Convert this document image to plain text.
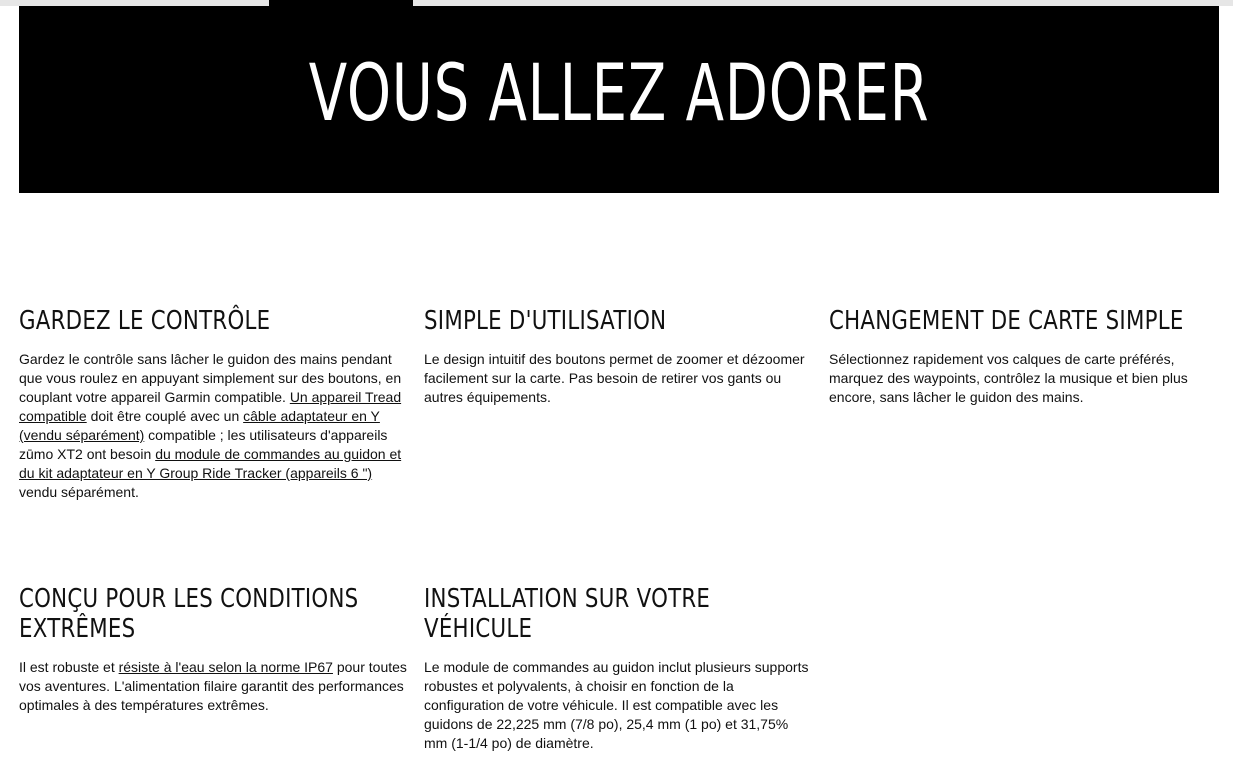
VOUS ALLEZ ADORER
GARDEZ LE CONTRÔLE

Gardez le contrôle sans lâcher le guidon des mains pendant que vous roulez en appuyant simplement sur des boutons, en couplant votre appareil Garmin compatible. Un appareil Tread compatible doit être couplé avec un câble adaptateur en Y (vendu séparément) compatible ; les utilisateurs d'appareils zūmo XT2 ont besoin du module de commandes au guidon et du kit adaptateur en Y Group Ride Tracker (appareils 6 ") vendu séparément.

SIMPLE D'UTILISATION

Le design intuitif des boutons permet de zoomer et dézoomer facilement sur la carte. Pas besoin de retirer vos gants ou autres équipements.

CHANGEMENT DE CARTE SIMPLE

Sélectionnez rapidement vos calques de carte préférés, marquez des waypoints, contrôlez la musique et bien plus encore, sans lâcher le guidon des mains.

CONÇU POUR LES CONDITIONS EXTRÊMES

Il est robuste et résiste à l'eau selon la norme IP67 pour toutes vos aventures. L'alimentation filaire garantit des performances optimales à des températures extrêmes.

INSTALLATION SUR VOTRE VÉHICULE

Le module de commandes au guidon inclut plusieurs supports robustes et polyvalents, à choisir en fonction de la configuration de votre véhicule. Il est compatible avec les guidons de 22,225 mm (7/8 po), 25,4 mm (1 po) et 31,75% mm (1-1/4 po) de diamètre.
